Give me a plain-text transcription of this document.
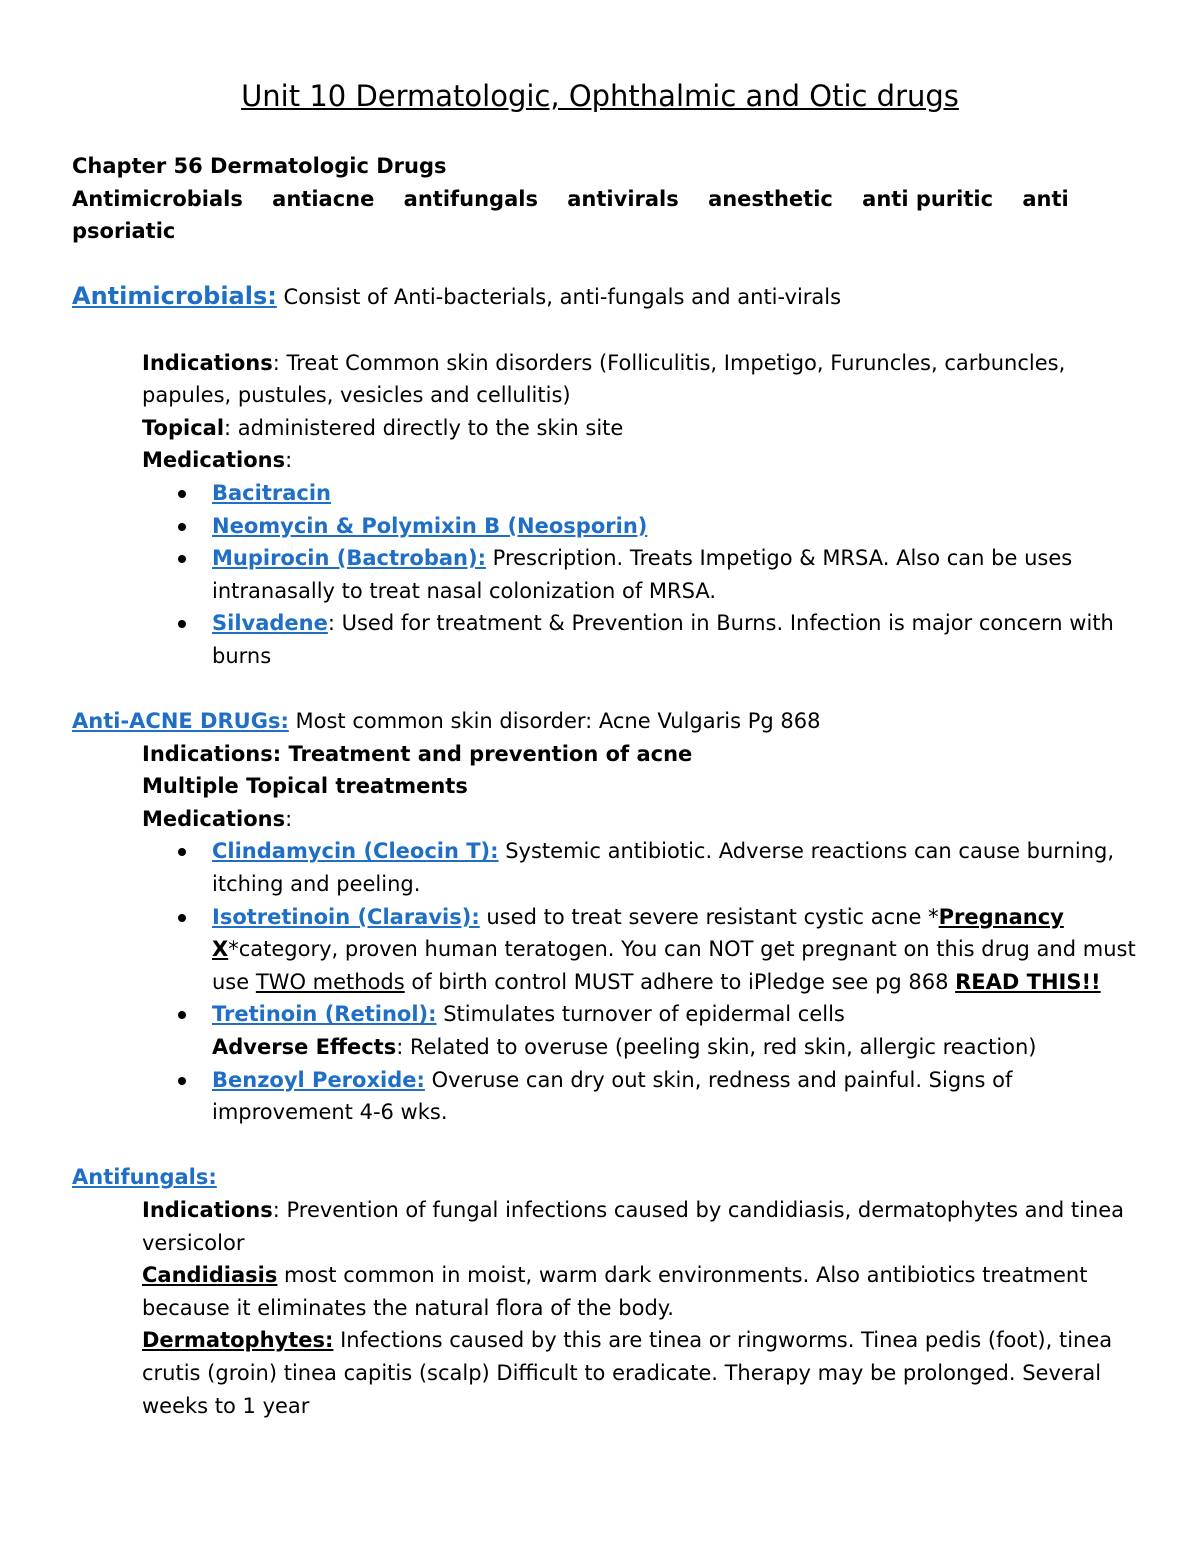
Unit 10 Dermatologic, Ophthalmic and Otic drugs
Chapter 56 Dermatologic Drugs
Antimicrobials antiacne antifungals antivirals anesthetic anti puritic anti
psoriatic
Antimicrobials: Consist of Anti-bacterials, anti-fungals and anti-virals
Indications: Treat Common skin disorders (Folliculitis, Impetigo, Furuncles, carbuncles, papules, pustules, vesicles and cellulitis)
Topical: administered directly to the skin site
Medications:
Bacitracin
Neomycin & Polymixin B (Neosporin)
Mupirocin (Bactroban): Prescription. Treats Impetigo & MRSA. Also can be uses intranasally to treat nasal colonization of MRSA.
Silvadene: Used for treatment & Prevention in Burns. Infection is major concern with burns
Anti-ACNE DRUGs: Most common skin disorder: Acne Vulgaris Pg 868
Indications: Treatment and prevention of acne
Multiple Topical treatments
Medications:
Clindamycin (Cleocin T): Systemic antibiotic. Adverse reactions can cause burning, itching and peeling.
Isotretinoin (Claravis): used to treat severe resistant cystic acne *Pregnancy X*category, proven human teratogen. You can NOT get pregnant on this drug and must use TWO methods of birth control MUST adhere to iPledge see pg 868 READ THIS!!
Tretinoin (Retinol): Stimulates turnover of epidermal cells
Adverse Effects: Related to overuse (peeling skin, red skin, allergic reaction)
Benzoyl Peroxide: Overuse can dry out skin, redness and painful. Signs of improvement 4-6 wks.
Antifungals:
Indications: Prevention of fungal infections caused by candidiasis, dermatophytes and tinea versicolor
Candidiasis most common in moist, warm dark environments. Also antibiotics treatment because it eliminates the natural flora of the body.
Dermatophytes: Infections caused by this are tinea or ringworms. Tinea pedis (foot), tinea crutis (groin) tinea capitis (scalp) Difficult to eradicate. Therapy may be prolonged. Several weeks to 1 year
